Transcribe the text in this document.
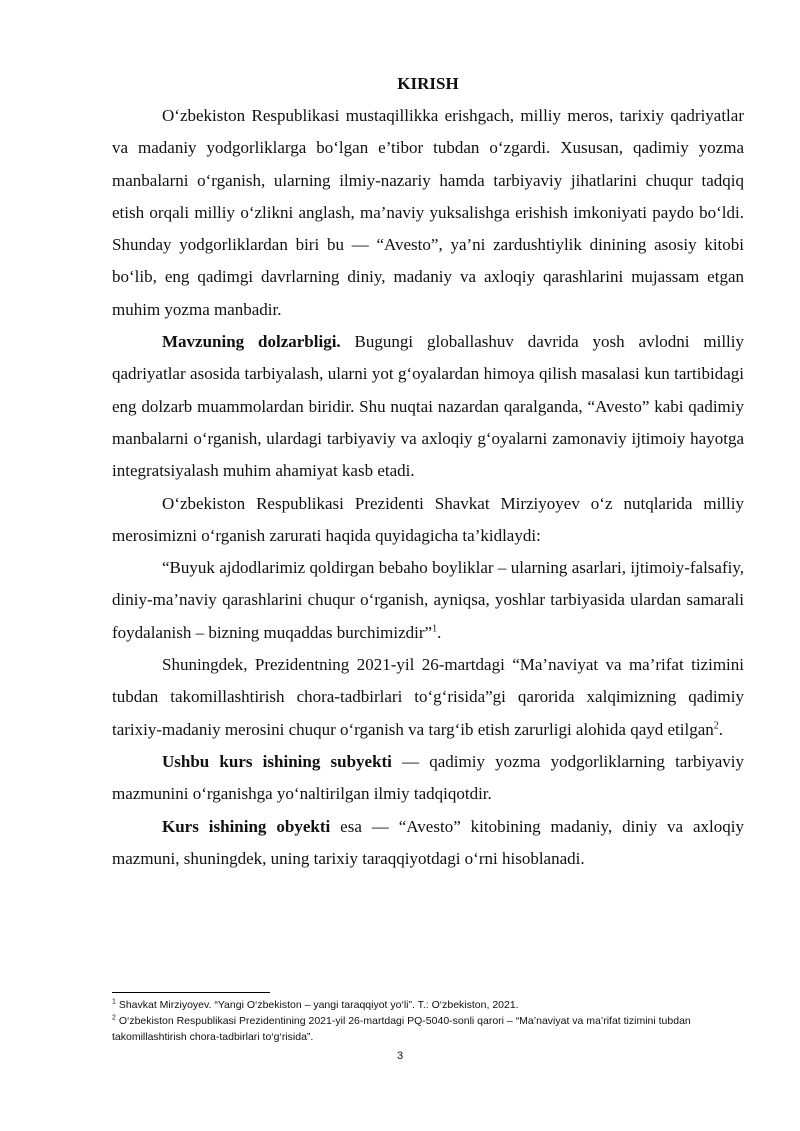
KIRISH

O‘zbekiston Respublikasi mustaqillikka erishgach, milliy meros, tarixiy qadriyatlar va madaniy yodgorliklarga bo‘lgan e’tibor tubdan o‘zgardi. Xususan, qadimiy yozma manbalarni o‘rganish, ularning ilmiy-nazariy hamda tarbiyaviy jihatlarini chuqur tadqiq etish orqali milliy o‘zlikni anglash, ma’naviy yuksalishga erishish imkoniyati paydo bo‘ldi. Shunday yodgorliklardan biri bu — “Avesto”, ya’ni zardushtiylik dinining asosiy kitobi bo‘lib, eng qadimgi davrlarning diniy, madaniy va axloqiy qarashlarini mujassam etgan muhim yozma manbadir.

Mavzuning dolzarbligi. Bugungi globallashuv davrida yosh avlodni milliy qadriyatlar asosida tarbiyalash, ularni yot g‘oyalardan himoya qilish masalasi kun tartibidagi eng dolzarb muammolardan biridir. Shu nuqtai nazardan qaralganda, “Avesto” kabi qadimiy manbalarni o‘rganish, ulardagi tarbiyaviy va axloqiy g‘oyalarni zamonaviy ijtimoiy hayotga integratsiyalash muhim ahamiyat kasb etadi.

O‘zbekiston Respublikasi Prezidenti Shavkat Mirziyoyev o‘z nutqlarida milliy merosimizni o‘rganish zarurati haqida quyidagicha ta’kidlaydi:

“Buyuk ajdodlarimiz qoldirgan bebaho boyliklar – ularning asarlari, ijtimoiy-falsafiy, diniy-ma’naviy qarashlarini chuqur o‘rganish, ayniqsa, yoshlar tarbiyasida ulardan samarali foydalanish – bizning muqaddas burchimizdir”$^1$.

Shuningdek, Prezidentning 2021-yil 26-martdagi “Ma’naviyat va ma’rifat tizimini tubdan takomillashtirish chora-tadbirlari to‘g‘risida”gi qarorida xalqimizning qadimiy tarixiy-madaniy merosini chuqur o‘rganish va targ‘ib etish zarurligi alohida qayd etilgan$^2$.

Ushbu kurs ishining subyekti — qadimiy yozma yodgorliklarning tarbiyaviy mazmunini o‘rganishga yo‘naltirilgan ilmiy tadqiqotdir.

Kurs ishining obyekti esa — “Avesto” kitobining madaniy, diniy va axloqiy mazmuni, shuningdek, uning tarixiy taraqqiyotdagi o‘rni hisoblanadi.

$^1$ Shavkat Mirziyoyev. “Yangi O‘zbekiston – yangi taraqqiyot yo‘li”. T.: O‘zbekiston, 2021.

$^2$ O‘zbekiston Respublikasi Prezidentining 2021-yil 26-martdagi PQ-5040-sonli qarori – “Ma’naviyat va ma’rifat tizimini tubdan takomillashtirish chora-tadbirlari to‘g‘risida”.

3
